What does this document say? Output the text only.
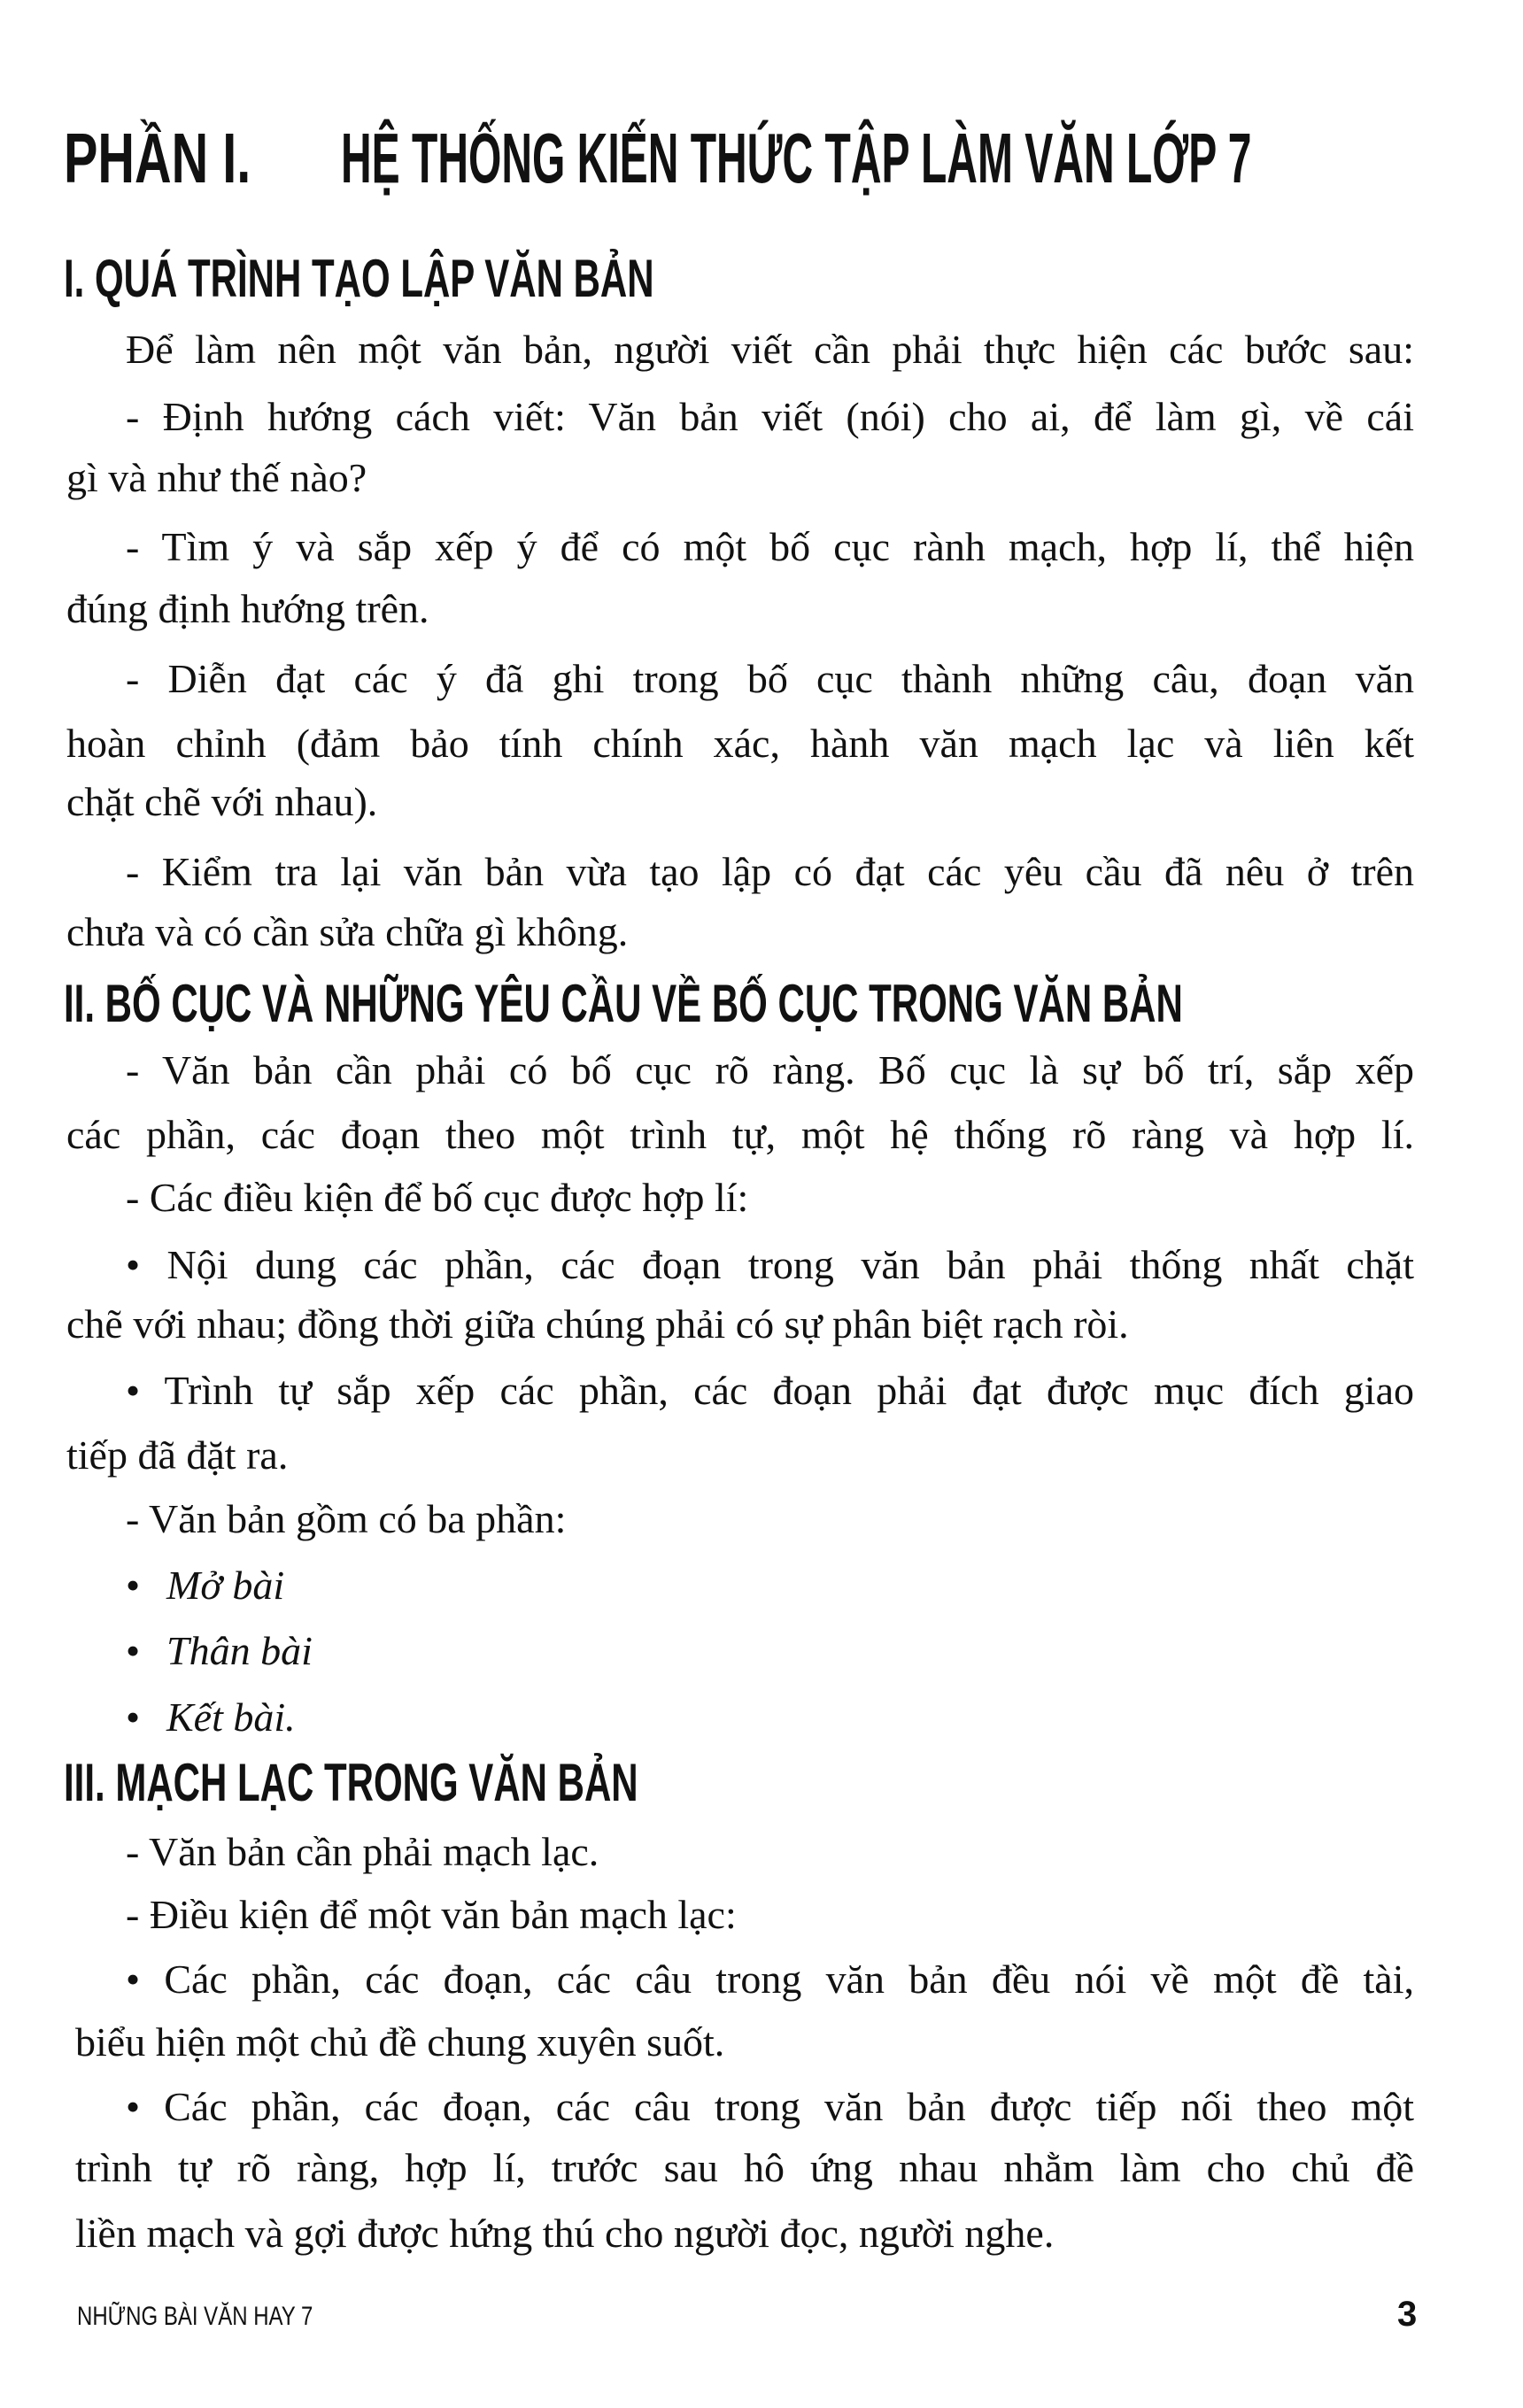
PHẦN I. HỆ THỐNG KIẾN THỨC TẬP LÀM VĂN LỚP 7
I. QUÁ TRÌNH TẠO LẬP VĂN BẢN
Để làm nên một văn bản, người viết cần phải thực hiện các bước sau:
- Định hướng cách viết: Văn bản viết (nói) cho ai, để làm gì, về cái
gì và như thế nào?
- Tìm ý và sắp xếp ý để có một bố cục rành mạch, hợp lí, thể hiện
đúng định hướng trên.
- Diễn đạt các ý đã ghi trong bố cục thành những câu, đoạn văn
hoàn chỉnh (đảm bảo tính chính xác, hành văn mạch lạc và liên kết
chặt chẽ với nhau).
- Kiểm tra lại văn bản vừa tạo lập có đạt các yêu cầu đã nêu ở trên
chưa và có cần sửa chữa gì không.
II. BỐ CỤC VÀ NHỮNG YÊU CẦU VỀ BỐ CỤC TRONG VĂN BẢN
- Văn bản cần phải có bố cục rõ ràng. Bố cục là sự bố trí, sắp xếp
các phần, các đoạn theo một trình tự, một hệ thống rõ ràng và hợp lí.
- Các điều kiện để bố cục được hợp lí:
• Nội dung các phần, các đoạn trong văn bản phải thống nhất chặt
chẽ với nhau; đồng thời giữa chúng phải có sự phân biệt rạch ròi.
• Trình tự sắp xếp các phần, các đoạn phải đạt được mục đích giao
tiếp đã đặt ra.
- Văn bản gồm có ba phần:
• Mở bài
• Thân bài
• Kết bài.
III. MẠCH LẠC TRONG VĂN BẢN
- Văn bản cần phải mạch lạc.
- Điều kiện để một văn bản mạch lạc:
• Các phần, các đoạn, các câu trong văn bản đều nói về một đề tài,
biểu hiện một chủ đề chung xuyên suốt.
• Các phần, các đoạn, các câu trong văn bản được tiếp nối theo một
trình tự rõ ràng, hợp lí, trước sau hô ứng nhau nhằm làm cho chủ đề
liền mạch và gợi được hứng thú cho người đọc, người nghe.
NHỮNG BÀI VĂN HAY 7	3
